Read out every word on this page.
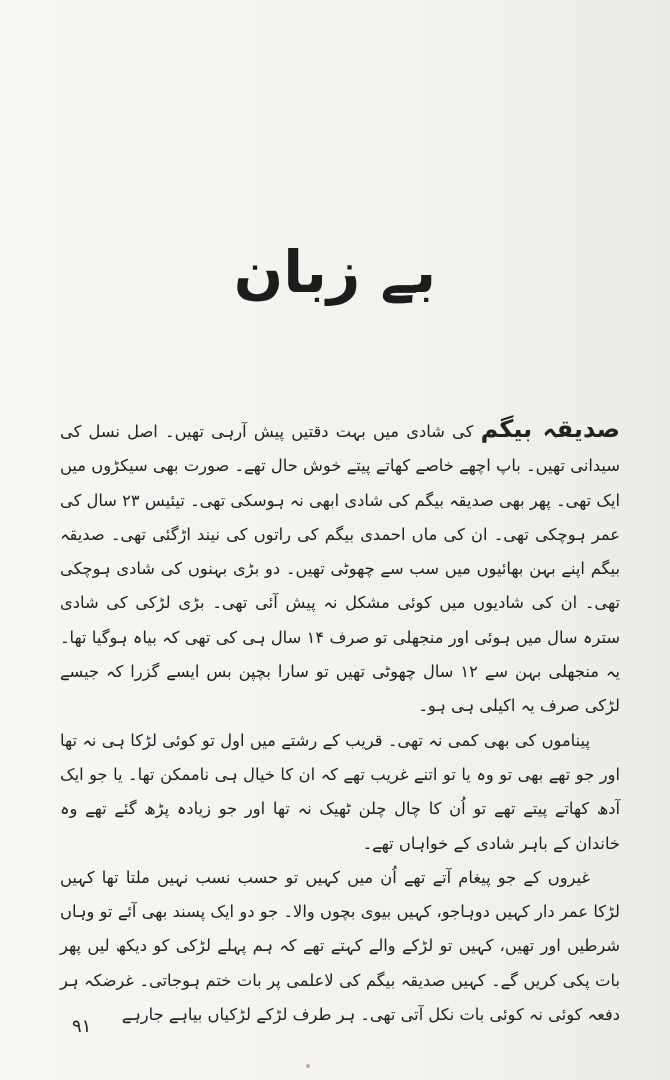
بے زبان

صدیقہ بیگم کی شادی میں بہت دقتیں پیش آرہی تھیں۔ اصل نسل کی سیدانی تھیں۔ باپ اچھے خاصے کھاتے پیتے خوش حال تھے۔ صورت بھی سیکڑوں میں ایک تھی۔ پھر بھی صدیقہ بیگم کی شادی ابھی نہ ہوسکی تھی۔ تیئیس ۲۳ سال کی عمر ہوچکی تھی۔ ان کی ماں احمدی بیگم کی راتوں کی نیند اڑگئی تھی۔ صدیقہ بیگم اپنے بہن بھائیوں میں سب سے چھوٹی تھیں۔ دو بڑی بہنوں کی شادی ہوچکی تھی۔ ان کی شادیوں میں کوئی مشکل نہ پیش آئی تھی۔ بڑی لڑکی کی شادی سترہ سال میں ہوئی اور منجھلی تو صرف ۱۴ سال ہی کی تھی کہ بیاہ ہوگیا تھا۔ یہ منجھلی بہن سے ۱۲ سال چھوٹی تھیں تو سارا بچپن بس ایسے گزرا کہ جیسے لڑکی صرف یہ اکیلی ہی ہو۔

پیناموں کی بھی کمی نہ تھی۔ قریب کے رشتے میں اول تو کوئی لڑکا ہی نہ تھا اور جو تھے بھی تو وہ یا تو اتنے غریب تھے کہ ان کا خیال ہی ناممکن تھا۔ یا جو ایک آدھ کھاتے پیتے تھے تو اُن کا چال چلن ٹھیک نہ تھا اور جو زیادہ پڑھ گئے تھے وہ خاندان کے باہر شادی کے خواہاں تھے۔

غیروں کے جو پیغام آتے تھے اُن میں کہیں تو حسب نسب نہیں ملتا تھا کہیں لڑکا عمر دار کہیں دوہاجو، کہیں بیوی بچوں والا۔ جو دو ایک پسند بھی آئے تو وہاں شرطیں اور تھیں، کہیں تو لڑکے والے کہتے تھے کہ ہم پہلے لڑکی کو دیکھ لیں پھر بات پکی کریں گے۔ کہیں صدیقہ بیگم کی لاعلمی پر بات ختم ہوجاتی۔ غرضکہ ہر دفعہ کوئی نہ کوئی بات نکل آتی تھی۔ ہر طرف لڑکے لڑکیاں بیاہے جارہے

۹۱
